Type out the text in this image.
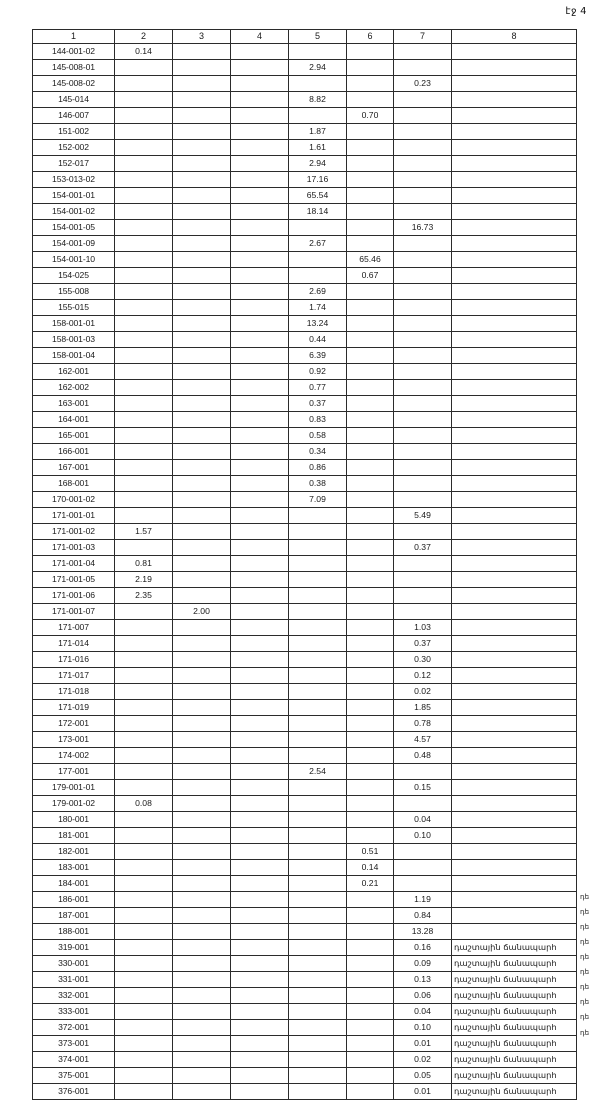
էջ 4
1	2	3	4	5	6	7	8
144-001-02	0.14						
145-008-01				2.94			
145-008-02						0.23	
145-014				8.82			
146-007					0.70		
151-002				1.87			
152-002				1.61			
152-017				2.94			
153-013-02				17.16			
154-001-01				65.54			
154-001-02				18.14			
154-001-05						16.73	
154-001-09				2.67			
154-001-10					65.46		
154-025					0.67		
155-008				2.69			
155-015				1.74			
158-001-01				13.24			
158-001-03				0.44			
158-001-04				6.39			
162-001				0.92			
162-002				0.77			
163-001				0.37			
164-001				0.83			
165-001				0.58			
166-001				0.34			
167-001				0.86			
168-001				0.38			
170-001-02				7.09			
171-001-01						5.49	
171-001-02	1.57						
171-001-03						0.37	
171-001-04	0.81						
171-001-05	2.19						
171-001-06	2.35						
171-001-07		2.00					
171-007						1.03	
171-014						0.37	
171-016						0.30	
171-017						0.12	
171-018						0.02	
171-019						1.85	
172-001						0.78	
173-001						4.57	
174-002						0.48	
177-001				2.54			
179-001-01						0.15	
179-001-02	0.08						
180-001						0.04	
181-001						0.10	
182-001					0.51		
183-001					0.14		
184-001					0.21		
186-001						1.19	
187-001						0.84	
188-001						13.28	
319-001						0.16	դաշտային ճանապարհ
330-001						0.09	դաշտային ճանապարհ
331-001						0.13	դաշտային ճանապարհ
332-001						0.06	դաշտային ճանապարհ
333-001						0.04	դաշտային ճանապարհ
372-001						0.10	դաշտային ճանապարհ
373-001						0.01	դաշտային ճանապարհ
374-001						0.02	դաշտային ճանապարհ
375-001						0.05	դաշտային ճանապարհ
376-001						0.01	դաշտային ճանապարհ
դե
դե
դե
դե
դե
դե
դե
դե
դե
դե
